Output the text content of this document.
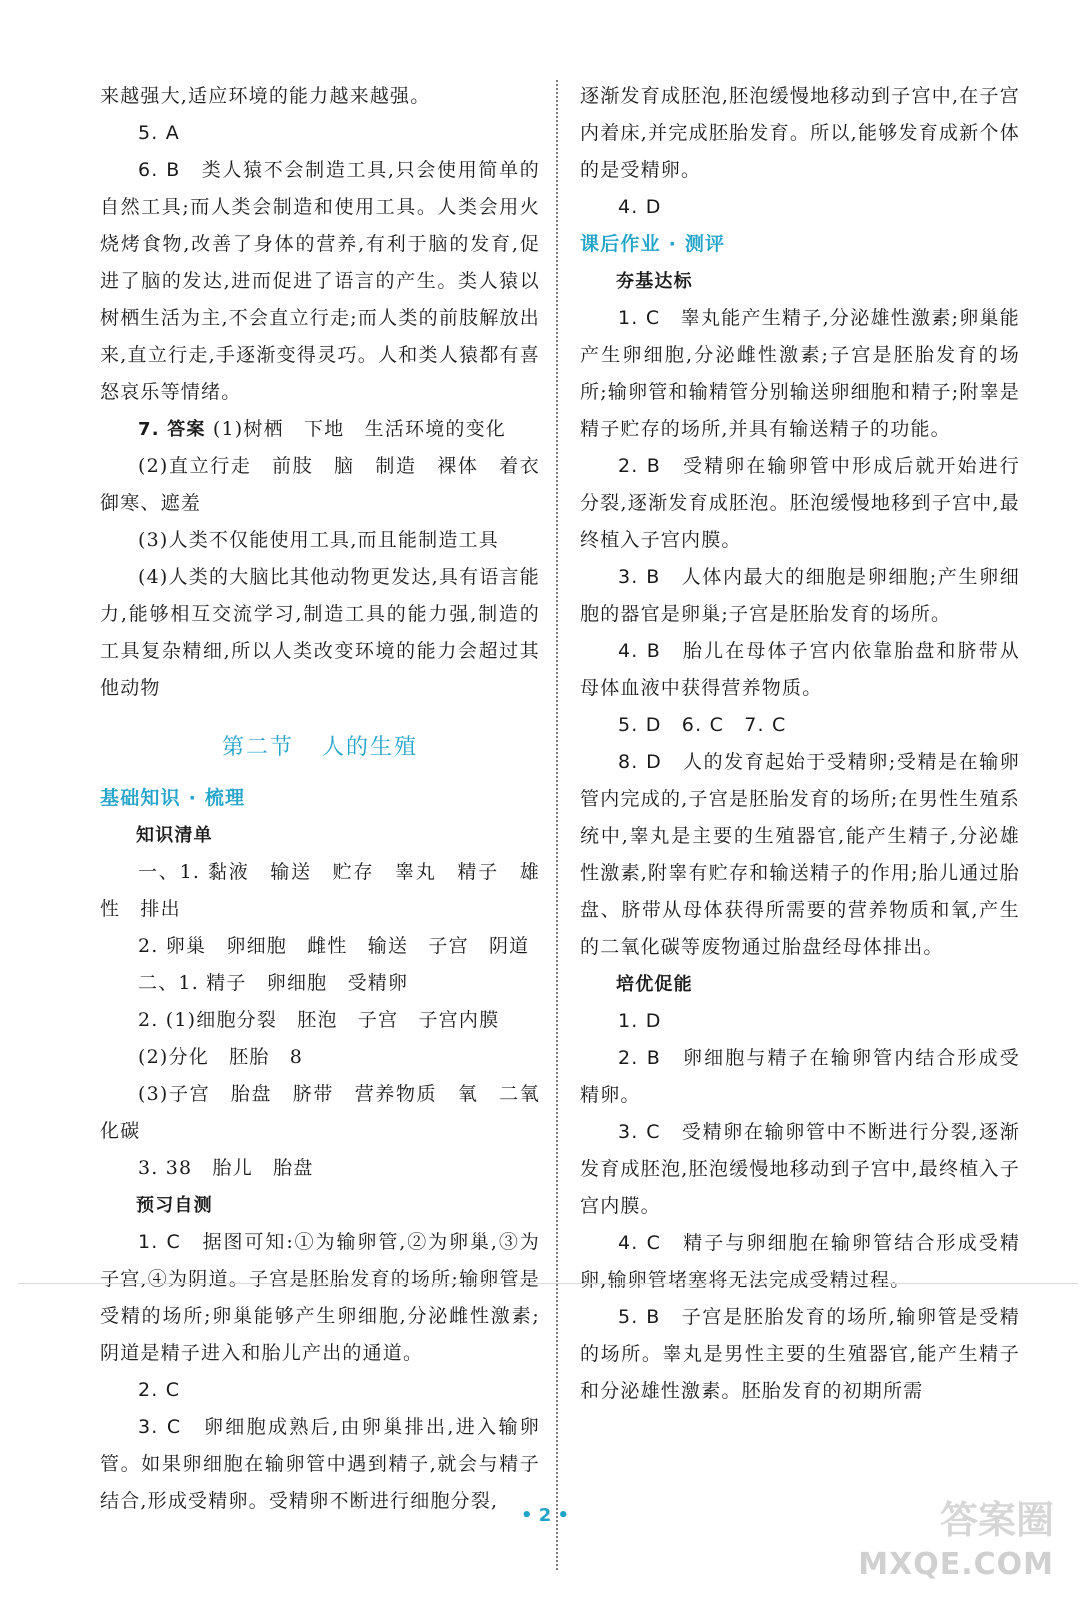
来越强大,适应环境的能力越来越强。

5. A

6. B　 类人猿不会制造工具,只会使用简单的自然工具;而人类会制造和使用工具。人类会用火烧烤食物,改善了身体的营养,有利于脑的发育,促进了脑的发达,进而促进了语言的产生。类人猿以树栖生活为主,不会直立行走;而人类的前肢解放出来,直立行走,手逐渐变得灵巧。人和类人猿都有喜怒哀乐等情绪。

7. 答案 (1)树栖　下地　生活环境的变化

(2)直立行走　前肢　脑　制造　裸体　着衣御寒、遮羞

(3)人类不仅能使用工具,而且能制造工具

(4)人类的大脑比其他动物更发达,具有语言能力,能够相互交流学习,制造工具的能力强,制造的工具复杂精细,所以人类改变环境的能力会超过其他动物

第二节 人的生殖

基础知识 · 梳理

知识清单

一、1. 黏液　输送　贮存　睾丸　精子　雄性　排出

2. 卵巢　卵细胞　雌性　输送　子宫　阴道

二、1. 精子　卵细胞　受精卵

2. (1)细胞分裂　胚泡　子宫　子宫内膜

(2)分化　胚胎　8

(3)子宫　胎盘　脐带　营养物质　氧　二氧化碳

3. 38　胎儿　胎盘

预习自测

1. C　 据图可知:①为输卵管,②为卵巢,③为子宫,④为阴道。子宫是胚胎发育的场所;输卵管是受精的场所;卵巢能够产生卵细胞,分泌雌性激素;阴道是精子进入和胎儿产出的通道。

2. C

3. C　 卵细胞成熟后,由卵巢排出,进入输卵管。如果卵细胞在输卵管中遇到精子,就会与精子结合,形成受精卵。受精卵不断进行细胞分裂,

逐渐发育成胚泡,胚泡缓慢地移动到子宫中,在子宫内着床,并完成胚胎发育。所以,能够发育成新个体的是受精卵。

4. D

课后作业 · 测评

夯基达标

1. C　 睾丸能产生精子,分泌雄性激素;卵巢能产生卵细胞,分泌雌性激素;子宫是胚胎发育的场所;输卵管和输精管分别输送卵细胞和精子;附睾是精子贮存的场所,并具有输送精子的功能。

2. B　 受精卵在输卵管中形成后就开始进行分裂,逐渐发育成胚泡。胚泡缓慢地移到子宫中,最终植入子宫内膜。

3. B　 人体内最大的细胞是卵细胞;产生卵细胞的器官是卵巢;子宫是胚胎发育的场所。

4. B　 胎儿在母体子宫内依靠胎盘和脐带从母体血液中获得营养物质。

5. D　6. C　7. C

8. D　 人的发育起始于受精卵;受精是在输卵管内完成的,子宫是胚胎发育的场所;在男性生殖系统中,睾丸是主要的生殖器官,能产生精子,分泌雄性激素,附睾有贮存和输送精子的作用;胎儿通过胎盘、脐带从母体获得所需要的营养物质和氧,产生的二氧化碳等废物通过胎盘经母体排出。

培优促能

1. D

2. B　 卵细胞与精子在输卵管内结合形成受精卵。

3. C　 受精卵在输卵管中不断进行分裂,逐渐发育成胚泡,胚泡缓慢地移动到子宫中,最终植入子宫内膜。

4. C　 精子与卵细胞在输卵管结合形成受精卵,输卵管堵塞将无法完成受精过程。

5. B　 子宫是胚胎发育的场所,输卵管是受精的场所。睾丸是男性主要的生殖器官,能产生精子和分泌雄性激素。胚胎发育的初期所需

• 2 •	答案圈
MXQE.COM
